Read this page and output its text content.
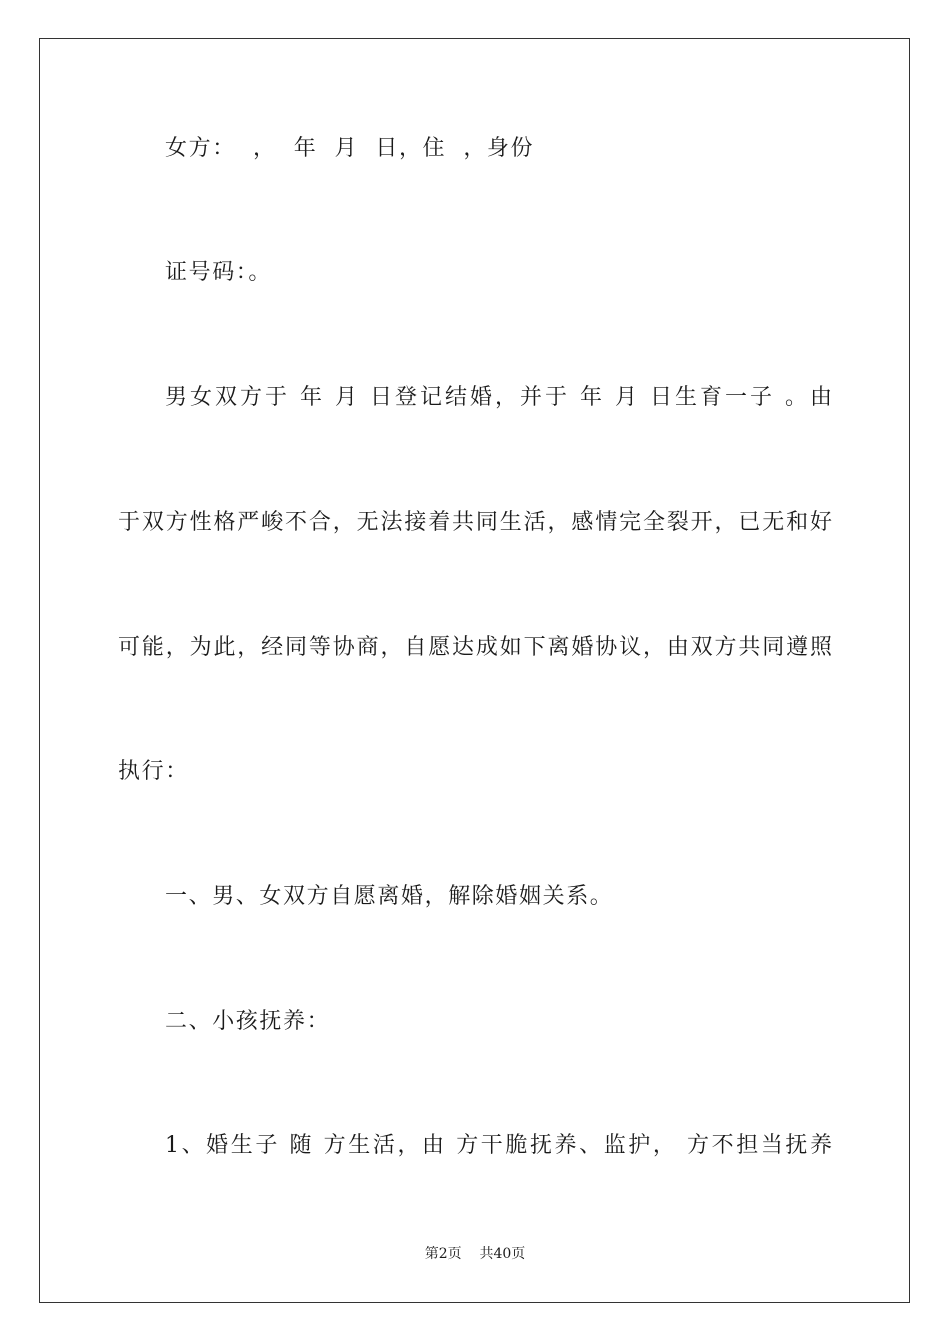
女方：  ，  年  月  日，住  ，身份
证号码：。
男女双方于 年 月 日登记结婚，并于 年 月 日生育一子 。由
于双方性格严峻不合，无法接着共同生活，感情完全裂开，已无和好
可能，为此，经同等协商，自愿达成如下离婚协议，由双方共同遵照
执行：
一、男、女双方自愿离婚，解除婚姻关系。
二、小孩抚养：
1、婚生子 随 方生活，由 方干脆抚养、监护， 方不担当抚养
第2页    共40页
